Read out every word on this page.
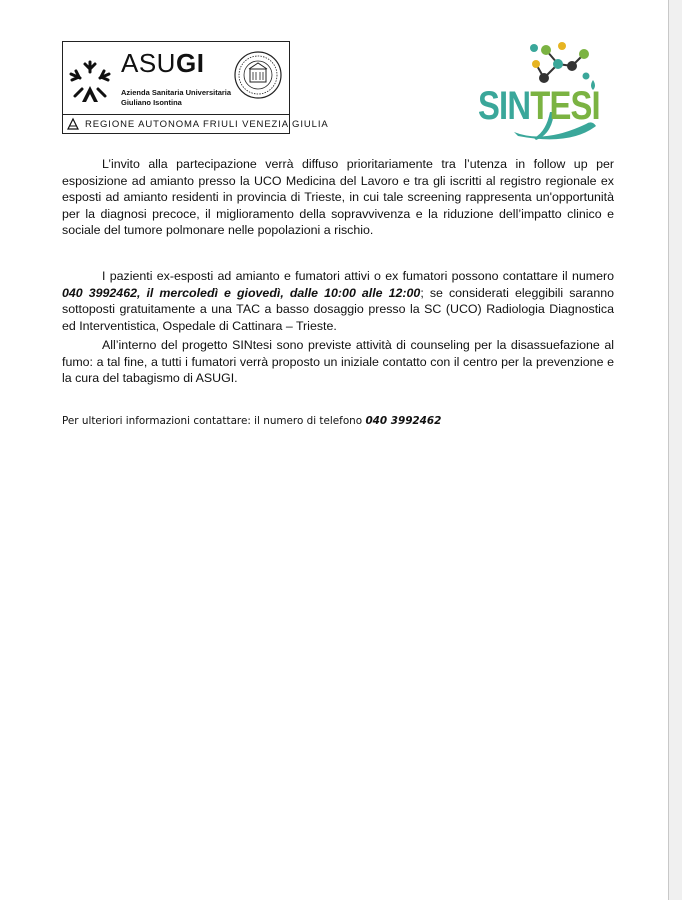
ASUGI
Azienda Sanitaria Universitaria
Giuliano Isontina
REGIONE AUTONOMA FRIULI VENEZIA GIULIA	SINTESI

L’invito alla partecipazione verrà diffuso prioritariamente tra l’utenza in follow up per esposizione ad amianto presso la UCO Medicina del Lavoro e tra gli iscritti al registro regionale ex esposti ad amianto residenti in provincia di Trieste, in cui tale screening rappresenta un'opportunità per la diagnosi precoce, il miglioramento della sopravvivenza e la riduzione dell’impatto clinico e sociale del tumore polmonare nelle popolazioni a rischio.

I pazienti ex-esposti ad amianto e fumatori attivi o ex fumatori possono contattare il numero 040 3992462, il mercoledì e giovedì, dalle 10:00 alle 12:00; se considerati eleggibili saranno sottoposti gratuitamente a una TAC a basso dosaggio presso la SC (UCO) Radiologia Diagnostica ed Interventistica, Ospedale di Cattinara – Trieste.

All’interno del progetto SINtesi sono previste attività di counseling per la disassuefazione al fumo: a tal fine, a tutti i fumatori verrà proposto un iniziale contatto con il centro per la prevenzione e la cura del tabagismo di ASUGI.

Per ulteriori informazioni contattare: il numero di telefono 040 3992462
